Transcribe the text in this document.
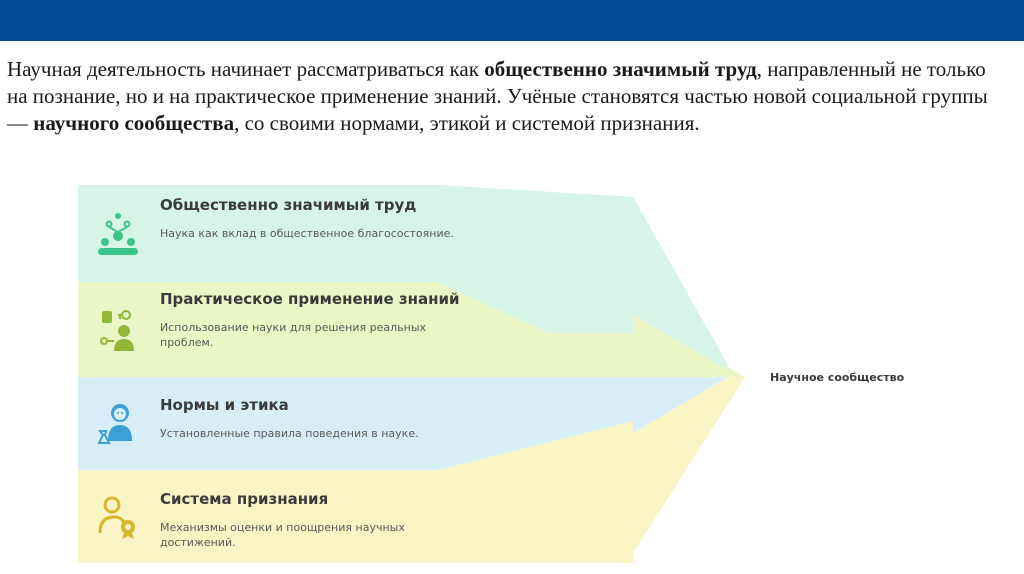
Научная деятельность начинает рассматриваться как общественно значимый труд, направленный не только на познание, но и на практическое применение знаний. Учёные становятся частью новой социальной группы — научного сообщества, со своими нормами, этикой и системой признания.
Общественно значимый труд
Наука как вклад в общественное благосостояние.
Практическое применение знаний
Использование науки для решения реальных проблем.
Нормы и этика
Установленные правила поведения в науке.
Система признания
Механизмы оценки и поощрения научных достижений.
Научное сообщество
